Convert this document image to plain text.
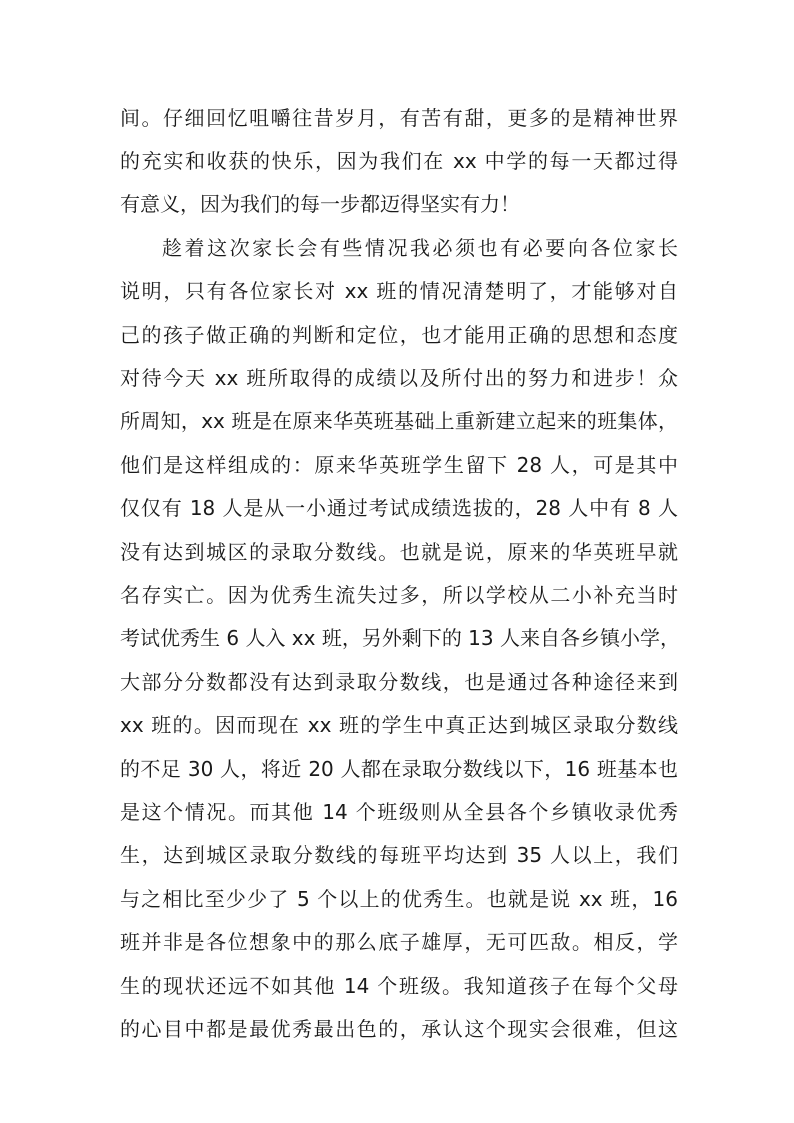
间。仔细回忆咀嚼往昔岁月，有苦有甜，更多的是精神世界
的充实和收获的快乐，因为我们在 xx 中学的每一天都过得
有意义，因为我们的每一步都迈得坚实有力！
趁着这次家长会有些情况我必须也有必要向各位家长
说明，只有各位家长对 xx 班的情况清楚明了，才能够对自
己的孩子做正确的判断和定位，也才能用正确的思想和态度
对待今天 xx 班所取得的成绩以及所付出的努力和进步！众
所周知，xx 班是在原来华英班基础上重新建立起来的班集体，
他们是这样组成的：原来华英班学生留下 28 人，可是其中
仅仅有 18 人是从一小通过考试成绩选拔的，28 人中有 8 人
没有达到城区的录取分数线。也就是说，原来的华英班早就
名存实亡。因为优秀生流失过多，所以学校从二小补充当时
考试优秀生 6 人入 xx 班，另外剩下的 13 人来自各乡镇小学，
大部分分数都没有达到录取分数线，也是通过各种途径来到
xx 班的。因而现在 xx 班的学生中真正达到城区录取分数线
的不足 30 人，将近 20 人都在录取分数线以下，16 班基本也
是这个情况。而其他 14 个班级则从全县各个乡镇收录优秀
生，达到城区录取分数线的每班平均达到 35 人以上，我们
与之相比至少少了 5 个以上的优秀生。也就是说 xx 班，16
班并非是各位想象中的那么底子雄厚，无可匹敌。相反，学
生的现状还远不如其他 14 个班级。我知道孩子在每个父母
的心目中都是最优秀最出色的，承认这个现实会很难，但这
